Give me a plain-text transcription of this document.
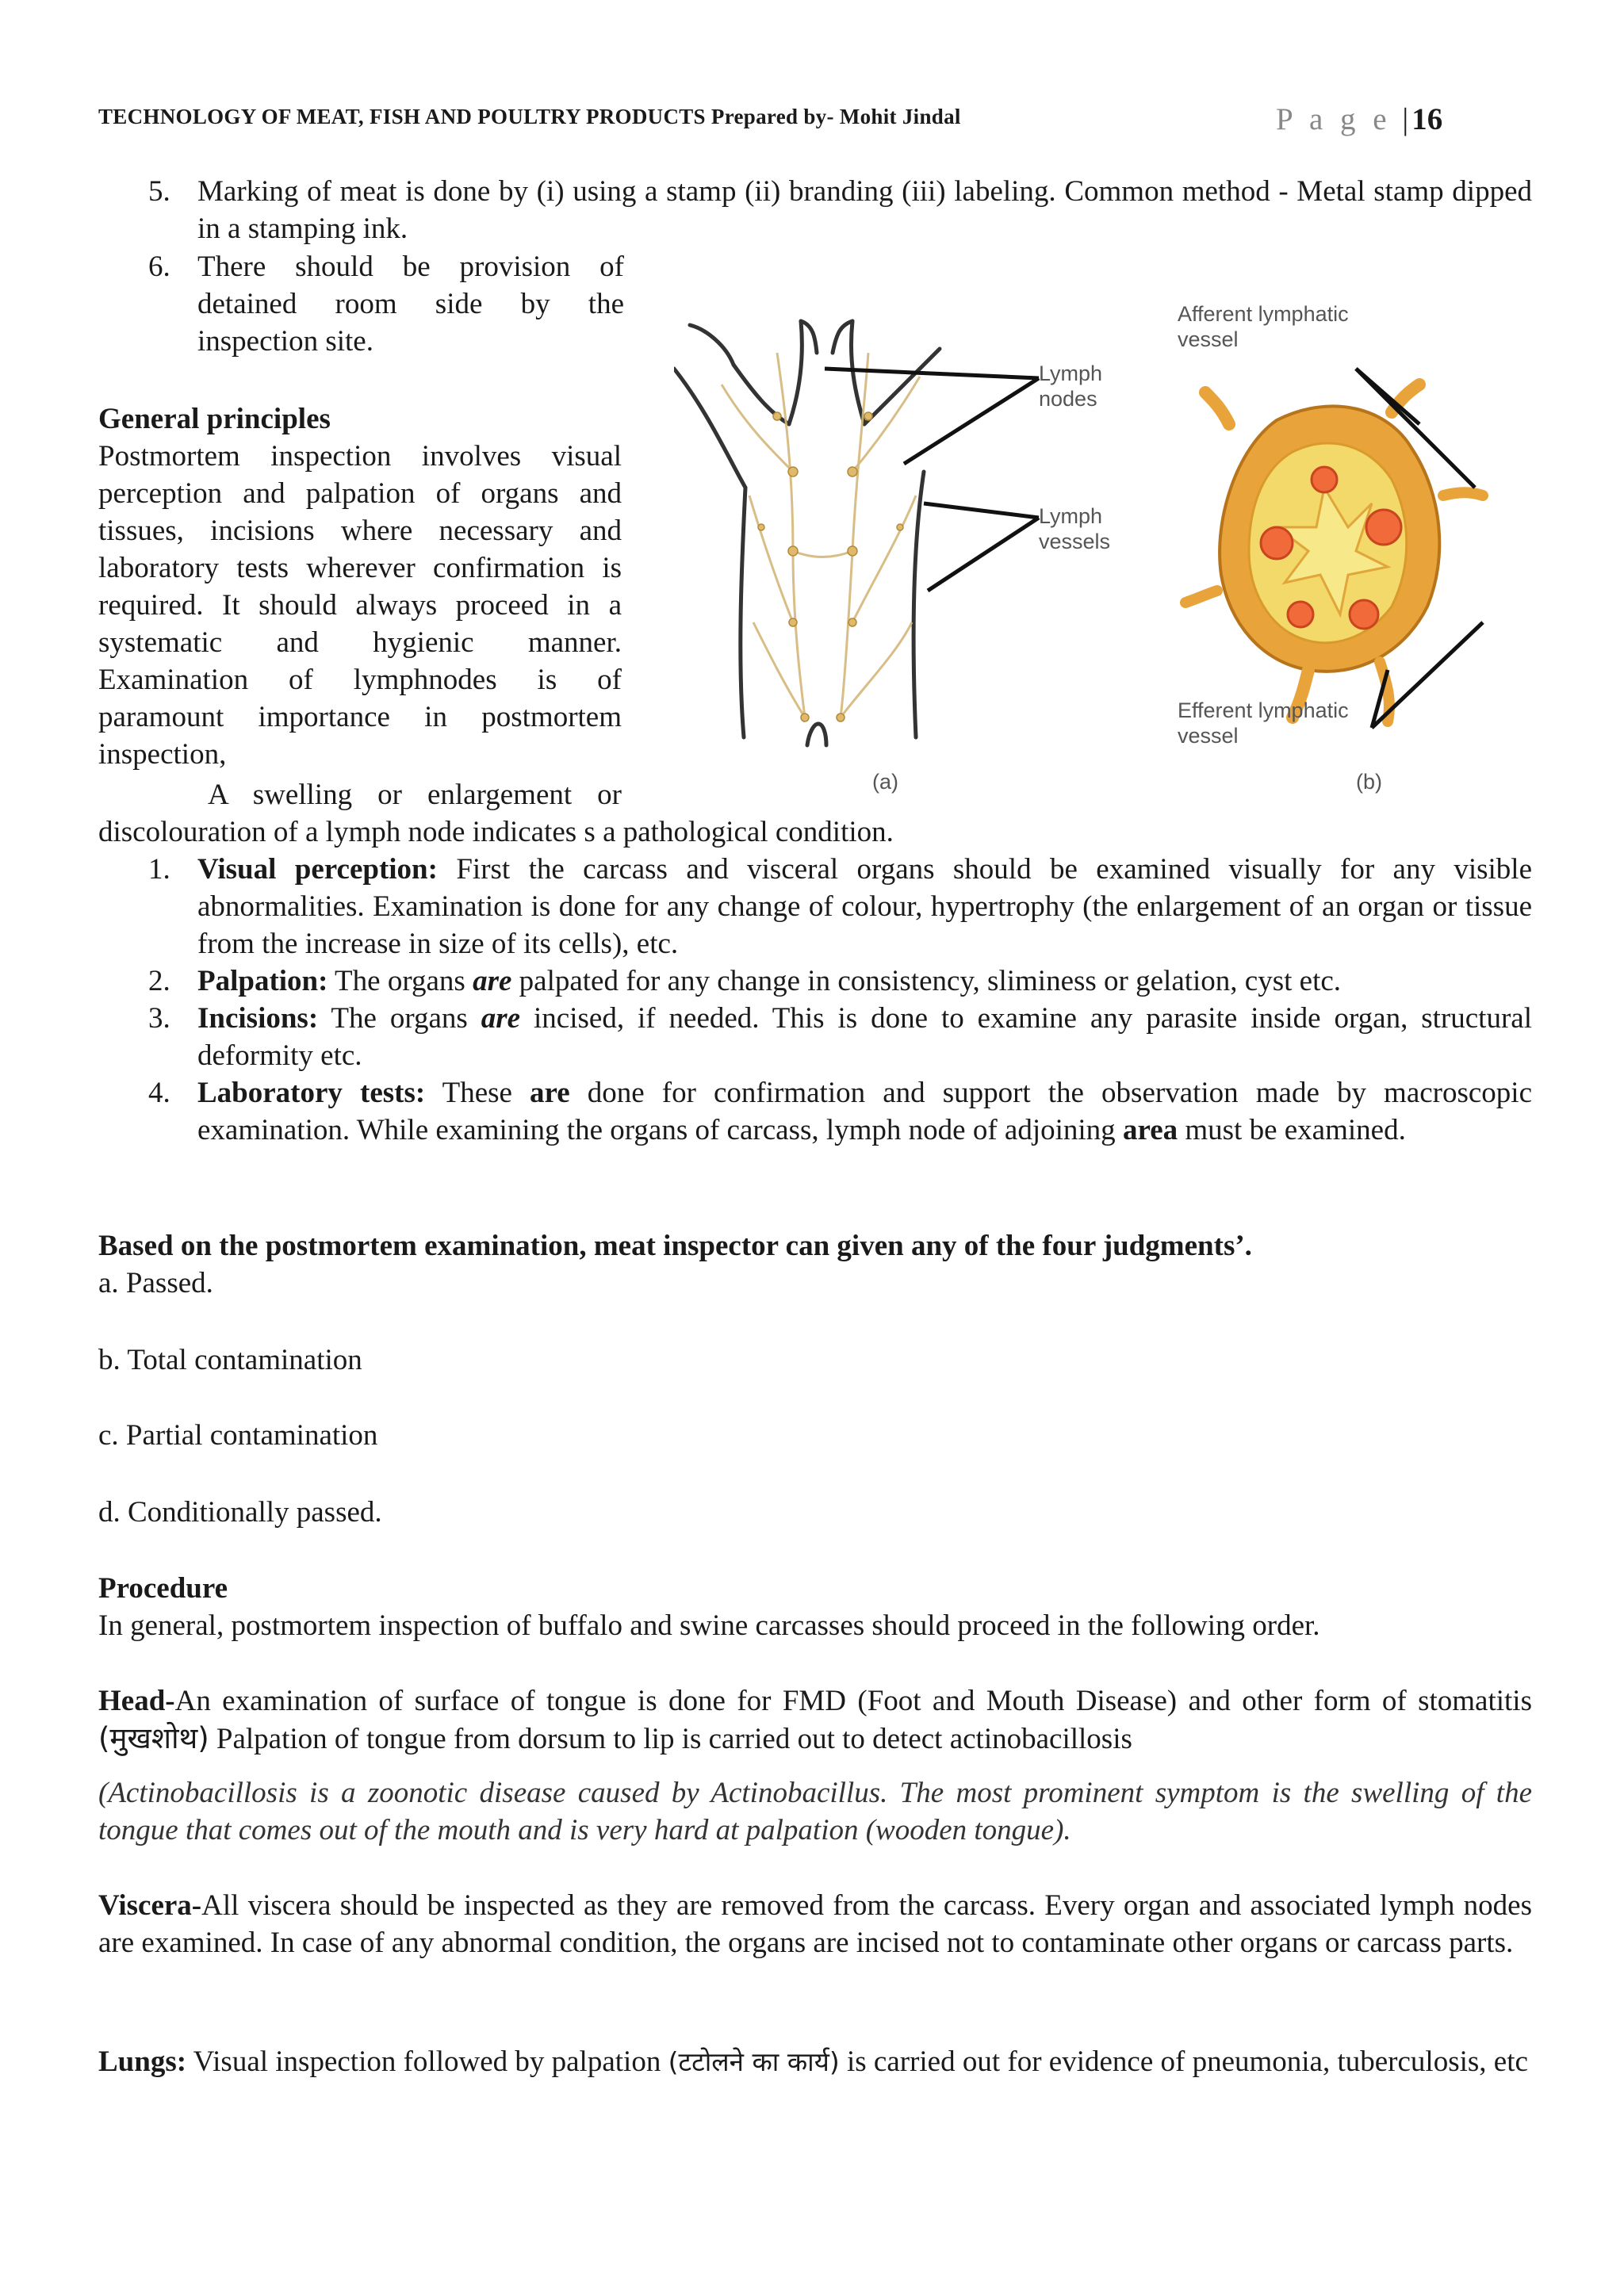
TECHNOLOGY OF MEAT, FISH AND POULTRY PRODUCTS Prepared by- Mohit Jindal	P a g e | 16
5. Marking of meat is done by (i) using a stamp (ii) branding (iii) labeling. Common method - Metal stamp dipped in a stamping ink.
6. There should be provision of detained room side by the inspection site.
General principles
Postmortem inspection involves visual perception and palpation of organs and tissues, incisions where necessary and laboratory tests wherever confirmation is required. It should always proceed in a systematic and hygienic manner. Examination of lymphnodes is of paramount importance in postmortem inspection,
A swelling or enlargement or
discolouration of a lymph node indicates s a pathological condition.
Lymph
nodes
Lymph
vessels
Afferent lymphatic
vessel
Efferent lymphatic
vessel
(a)	(b)
1. Visual perception: First the carcass and visceral organs should be examined visually for any visible abnormalities. Examination is done for any change of colour, hypertrophy (the enlargement of an organ or tissue from the increase in size of its cells), etc.
2. Palpation: The organs are palpated for any change in consistency, sliminess or gelation, cyst etc.
3. Incisions: The organs are incised, if needed. This is done to examine any parasite inside organ, structural deformity etc.
4. Laboratory tests: These are done for confirmation and support the observation made by macroscopic examination. While examining the organs of carcass, lymph node of adjoining area must be examined.
Based on the postmortem examination, meat inspector can given any of the four judgments’.
a. Passed.
b. Total contamination
c. Partial contamination
d. Conditionally passed.
Procedure
In general, postmortem inspection of buffalo and swine carcasses should proceed in the following order.
Head-An examination of surface of tongue is done for FMD (Foot and Mouth Disease) and other form of stomatitis (मुखशोथ) Palpation of tongue from dorsum to lip is carried out to detect actinobacillosis
(Actinobacillosis is a zoonotic disease caused by Actinobacillus. The most prominent symptom is the swelling of the tongue that comes out of the mouth and is very hard at palpation (wooden tongue).
Viscera-All viscera should be inspected as they are removed from the carcass. Every organ and associated lymph nodes are examined. In case of any abnormal condition, the organs are incised not to contaminate other organs or carcass parts.
Lungs: Visual inspection followed by palpation (टटोलने का कार्य) is carried out for evidence of pneumonia, tuberculosis, etc
